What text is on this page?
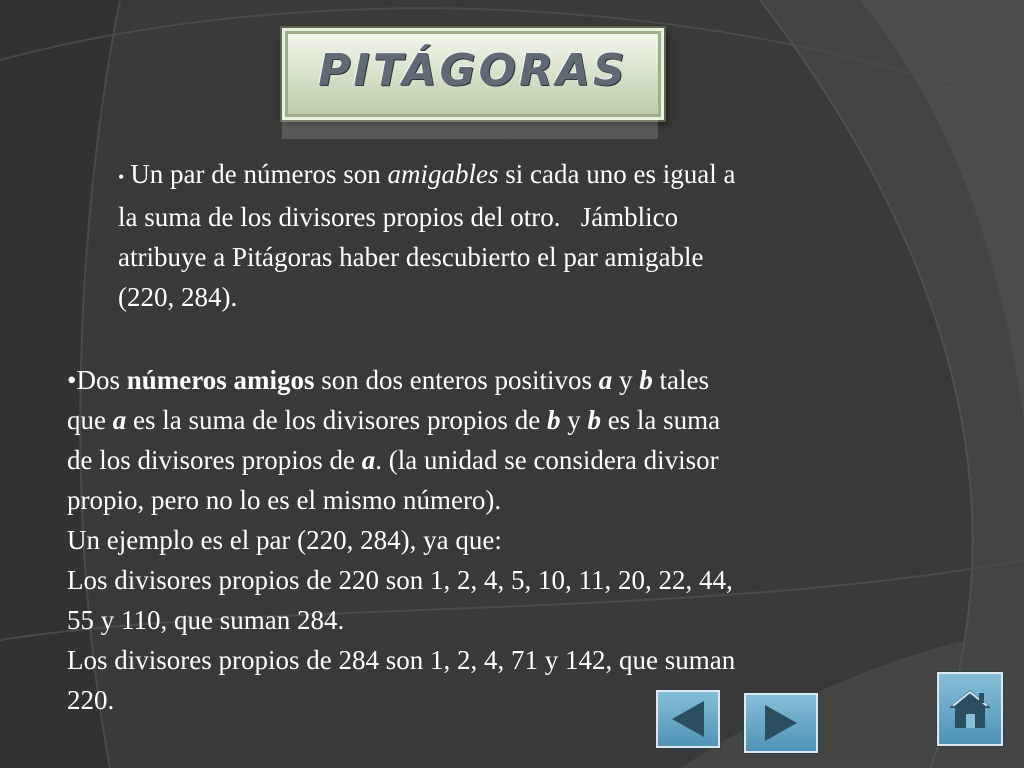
PITÁGORAS
• Un par de números son amigables si cada uno es igual a
la suma de los divisores propios del otro.   Jámblico
atribuye a Pitágoras haber descubierto el par amigable
(220, 284).
•Dos números amigos son dos enteros positivos a y b tales
que a es la suma de los divisores propios de b y b es la suma
de los divisores propios de a. (la unidad se considera divisor
propio, pero no lo es el mismo número).
Un ejemplo es el par (220, 284), ya que:
Los divisores propios de 220 son 1, 2, 4, 5, 10, 11, 20, 22, 44,
55 y 110, que suman 284.
Los divisores propios de 284 son 1, 2, 4, 71 y 142, que suman
220.
